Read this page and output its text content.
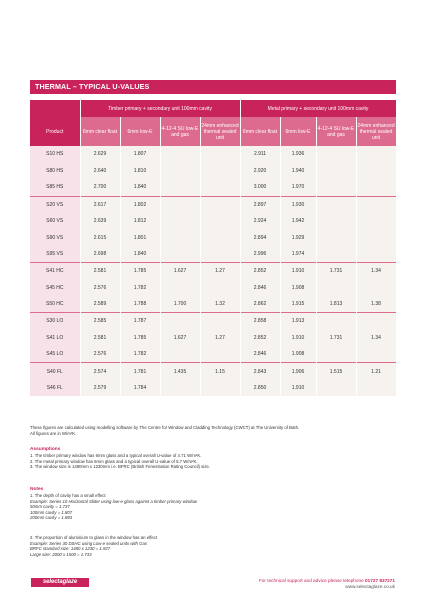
THERMAL – TYPICAL U-VALUES
	Timber primary + secondary unit 100mm cavity				Metal primary + secondary unit 100mm cavity			
Product	6mm clear float	6mm low-E	4-12-4 SU low-E and gas	24mm enhanced thermal sealed unit	6mm clear float	6mm low-E	4-12-4 SU low-E and gas	24mm enhanced thermal sealed unit
S10 HS	2.629	1.807			2.911	1.936		
S80 HS	2.640	1.810			2.920	1.940		
S85 HS	2.700	1.840			3.000	1.970		
S20 VS	2.617	1.802			2.897	1.930		
S60 VS	2.639	1.812			2.924	1.942		
S90 VS	2.615	1.801			2.894	1.929		
S95 VS	2.698	1.840			2.996	1.974		
S41 HC	2.581	1.785	1.627	1.27	2.852	1.910	1.731	1.34
S45 HC	2.576	1.782			2.846	1.908		
S50 HC	2.589	1.788	1.700	1.32	2.862	1.915	1.813	1.38
S30 LO	2.585	1.787			2.858	1.913		
S41 LO	2.581	1.785	1.627	1.27	2.852	1.910	1.731	1.34
S45 LO	2.576	1.782			2.846	1.908		
S40 FL	2.574	1.781	1.435	1.15	2.843	1.906	1.515	1.21
S46 FL	2.579	1.784			2.850	1.910		
These figures are calculated using modelling software by The Centre for Window and Cladding Technology (CWCT) at The University of Bath.
All figures are in W/m²K.
Assumptions
1. The timber primary window has 6mm glass and a typical overall U-value of 4.71 W/m²K.
2. The metal primary window has 6mm glass and a typical overall U-value of 5.7 W/m²K.
3. The window size is 1480mm x 1230mm i.e. BFRC (British Fenestration Rating Council) size.
Notes
1. The depth of cavity has a small effect
Example: Series 10 Horizontal Slider using low-e glass against a timber primary window
50mm cavity = 1.737
100mm cavity = 1.807
200mm cavity = 1.883
2. The proportion of aluminium to glass in the window has an effect
Example: Series 30 DSHC using Low-e sealed units with Gas
BRFC standard size: 1480 x 1230 = 1.927
Large size: 2000 x 1500 = 1.733
selectaglaze	For technical support and advice please telephone 01727 837271
www.selectaglaze.co.uk
